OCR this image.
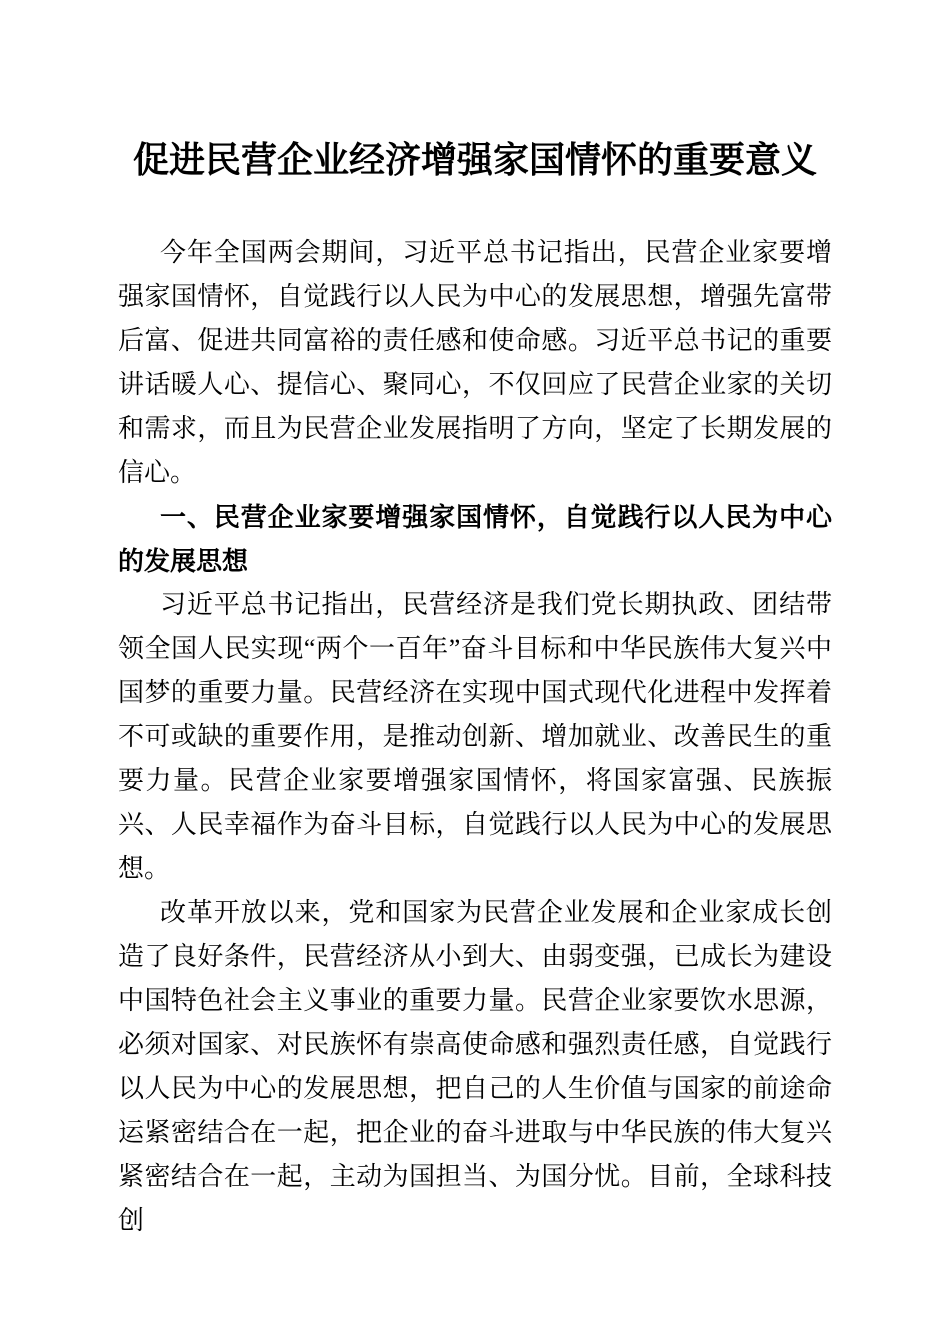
促进民营企业经济增强家国情怀的重要意义

今年全国两会期间，习近平总书记指出，民营企业家要增强家国情怀，自觉践行以人民为中心的发展思想，增强先富带后富、促进共同富裕的责任感和使命感。习近平总书记的重要讲话暖人心、提信心、聚同心，不仅回应了民营企业家的关切和需求，而且为民营企业发展指明了方向，坚定了长期发展的信心。

一、民营企业家要增强家国情怀，自觉践行以人民为中心的发展思想

习近平总书记指出，民营经济是我们党长期执政、团结带领全国人民实现“两个一百年”奋斗目标和中华民族伟大复兴中国梦的重要力量。民营经济在实现中国式现代化进程中发挥着不可或缺的重要作用，是推动创新、增加就业、改善民生的重要力量。民营企业家要增强家国情怀，将国家富强、民族振兴、人民幸福作为奋斗目标，自觉践行以人民为中心的发展思想。

改革开放以来，党和国家为民营企业发展和企业家成长创造了良好条件，民营经济从小到大、由弱变强，已成长为建设中国特色社会主义事业的重要力量。民营企业家要饮水思源，必须对国家、对民族怀有崇高使命感和强烈责任感，自觉践行以人民为中心的发展思想，把自己的人生价值与国家的前途命运紧密结合在一起，把企业的奋斗进取与中华民族的伟大复兴紧密结合在一起，主动为国担当、为国分忧。目前，全球科技创
